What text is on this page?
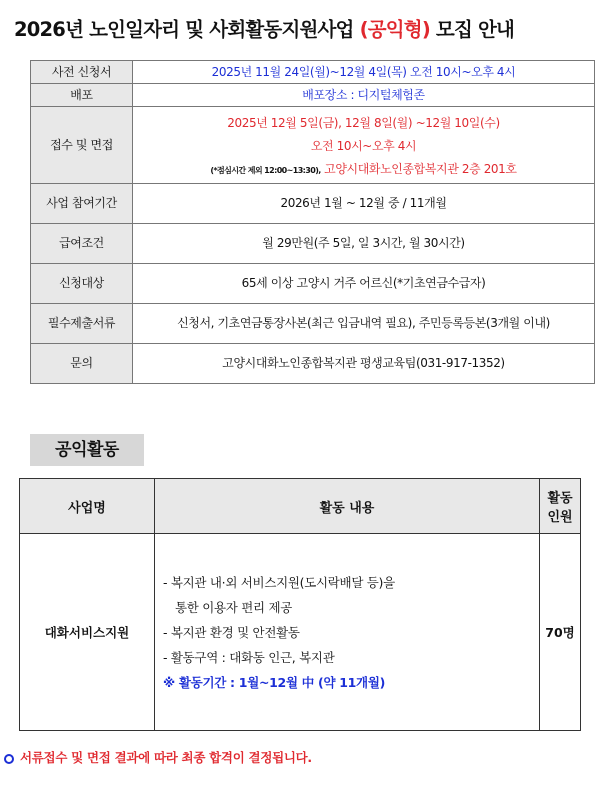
2026년 노인일자리 및 사회활동지원사업 (공익형) 모집 안내
사전 신청서	2025년 11월 24일(월)~12월 4일(목) 오전 10시~오후 4시
배포	배포장소 : 디지털체험존
접수 및 면접	2025년 12월 5일(금), 12월 8일(월) ~12월 10일(수)
오전 10시~오후 4시
(*점심시간 제외 12:00~13:30), 고양시대화노인종합복지관 2층 201호

사업 참여기간	2026년 1월 ~ 12월 중 / 11개월
급여조건	월 29만원(주 5일, 일 3시간, 월 30시간)
신청대상	65세 이상 고양시 거주 어르신(*기초연금수급자)
필수제출서류	신청서, 기초연금통장사본(최근 입금내역 필요), 주민등록등본(3개월 이내)
문의	고양시대화노인종합복지관 평생교육팀(031-917-1352)
공익활동
사업명	활동 내용	활동
인원

대화서비스지원	- 복지관 내·외 서비스지원(도시락배달 등)을
통한 이용자 편리 제공
- 복지관 환경 및 안전활동
- 활동구역 : 대화동 인근, 복지관
※ 활동기간 : 1월~12월 中 (약 11개월)	70명
서류접수 및 면접 결과에 따라 최종 합격이 결정됩니다.
